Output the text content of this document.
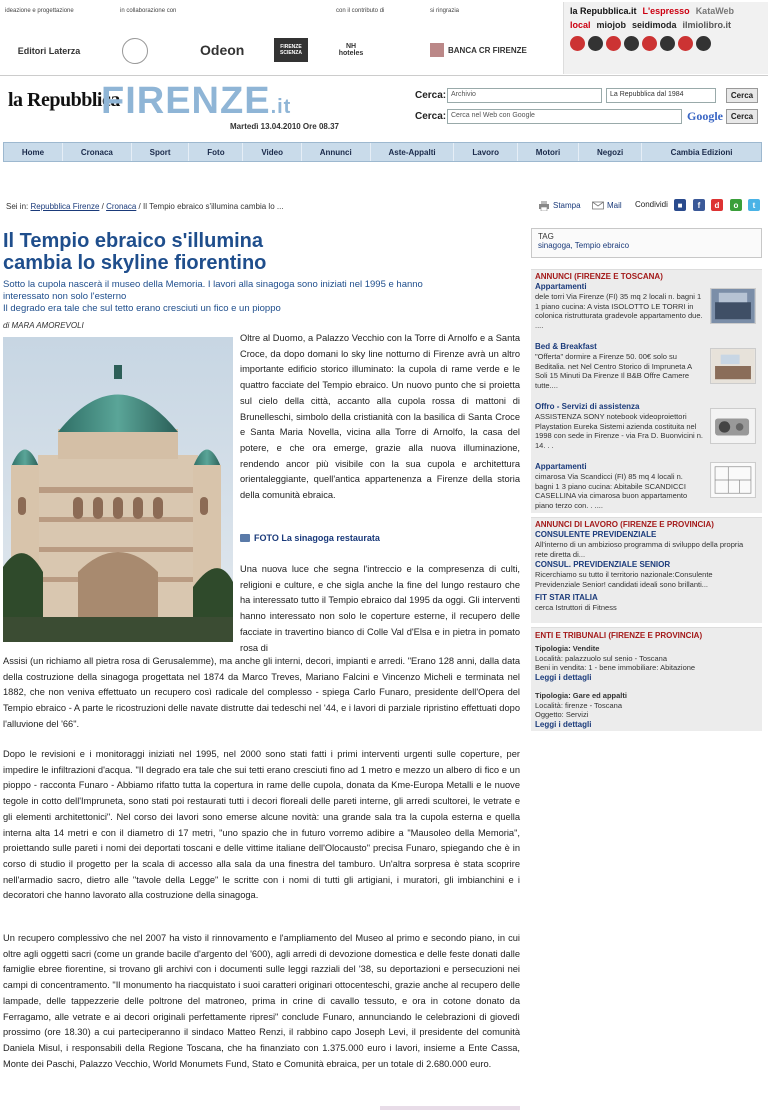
ideazione e progettazione
Editori Laterza
in collaborazione con
Odeon	FIRENZE SCIENZA
con il contributo di
NH hoteles
si ringrazia
BANCA CR FIRENZE
la Repubblica.it L'espresso KataWeb
local miojob seidimoda ilmiolibro.it
la Repubblica
FIRENZE.it
Martedì 13.04.2010 Ore 08.37
Cerca: Archivio	La Repubblica dal 1984	Cerca
Cerca: Cerca nel Web con Google	Google Cerca
Home	Cronaca	Sport	Foto	Video	Annunci	Aste-Appalti	Lavoro	Motori	Negozi	Cambia Edizioni
Sei in: Repubblica Firenze / Cronaca / Il Tempio ebraico s'illumina cambia lo ...	Stampa	Mail Condividi	■	f	d	o	t
Il Tempio ebraico s'illumina
cambia lo skyline fiorentino
Sotto la cupola nascerà il museo della Memoria. I lavori alla sinagoga sono iniziati nel 1995 e hanno
interessato non solo l'esterno
Il degrado era tale che sul tetto erano cresciuti un fico e un pioppo
di MARA AMOREVOLI
Oltre al Duomo, a Palazzo Vecchio con la Torre di Arnolfo e a Santa Croce, da dopo domani lo sky line notturno di Firenze avrà un altro importante edificio storico illuminato: la cupola di rame verde e le quattro facciate del Tempio ebraico. Un nuovo punto che si proietta sul cielo della città, accanto alla cupola rossa di mattoni di Brunelleschi, simbolo della cristianità con la basilica di Santa Croce e Santa Maria Novella, vicina alla Torre di Arnolfo, la casa del potere, e che ora emerge, grazie alla nuova illuminazione, rendendo ancor più visibile con la sua cupola e architettura orientaleggiante, quell'antica appartenenza a Firenze della storia della comunità ebraica.
FOTO La sinagoga restaurata
Una nuova luce che segna l'intreccio e la compresenza di culti, religioni e culture, e che sigla anche la fine del lungo restauro che ha interessato tutto il Tempio ebraico dal 1995 da oggi. Gli interventi hanno interessato non solo le coperture esterne, il recupero delle facciate in travertino bianco di Colle Val d'Elsa e in pietra in pomato rosa di
Assisi (un richiamo all pietra rosa di Gerusalemme), ma anche gli interni, decori, impianti e arredi. "Erano 128 anni, dalla data della costruzione della sinagoga progettata nel 1874 da Marco Treves, Mariano Falcini e Vincenzo Micheli e terminata nel 1882, che non veniva effettuato un recupero così radicale del complesso - spiega Carlo Funaro, presidente dell'Opera del Tempio ebraico - A parte le ricostruzioni delle navate distrutte dai tedeschi nel '44, e i lavori di parziale ripristino effettuati dopo l'alluvione del '66".
Dopo le revisioni e i monitoraggi iniziati nel 1995, nel 2000 sono stati fatti i primi interventi urgenti sulle coperture, per impedire le infiltrazioni d'acqua. "Il degrado era tale che sui tetti erano cresciuti fino ad 1 metro e mezzo un albero di fico e un pioppo - racconta Funaro - Abbiamo rifatto tutta la copertura in rame delle cupola, donata da Kme-Europa Metalli e le nuove tegole in cotto dell'Impruneta, sono stati poi restaurati tutti i decori floreali delle pareti interne, gli arredi scultorei, le vetrate e gli elementi architettonici". Nel corso dei lavori sono emerse alcune novità: una grande sala tra la cupola esterna e quella interna alta 14 metri e con il diametro di 17 metri, "uno spazio che in futuro vorremo adibire a "Mausoleo della Memoria", proiettando sulle pareti i nomi dei deportati toscani e delle vittime italiane dell'Olocausto" precisa Funaro, spiegando che è in corso di studio il progetto per la scala di accesso alla sala da una finestra del tamburo. Un'altra sorpresa è stata scoprire nell'armadio sacro, dietro alle "tavole della Legge" le scritte con i nomi di tutti gli artigiani, i muratori, gli imbianchini e i decoratori che hanno lavorato alla costruzione della sinagoga.
Un recupero complessivo che nel 2007 ha visto il rinnovamento e l'ampliamento del Museo al primo e secondo piano, in cui oltre agli oggetti sacri (come un grande bacile d'argento del '600), agli arredi di devozione domestica e delle feste donati dalle famiglie ebree fiorentine, si trovano gli archivi con i documenti sulle leggi razziali del '38, su deportazioni e persecuzioni nei campi di concentramento. "Il monumento ha riacquistato i suoi caratteri originari ottocenteschi, grazie anche al recupero delle lampade, delle tappezzerie delle poltrone del matroneo, prima in crine di cavallo tessuto, e ora in cotone donato da Ferragamo, alle vetrate e ai decori originali perfettamente ripresi" conclude Funaro, annunciando le celebrazioni di giovedì prossimo (ore 18.30) a cui parteciperanno il sindaco Matteo Renzi, il rabbino capo Joseph Levi, il presidente del comunità Daniela Misul, i responsabili della Regione Toscana, che ha finanziato con 1.375.000 euro i lavori, insieme a Ente Cassa, Monte dei Paschi, Palazzo Vecchio, World Monumets Fund, Stato e Comunità ebraica, per un totale di 2.680.000 euro.
TAG
sinagoga, Tempio ebraico
ANNUNCI (FIRENZE E TOSCANA)
Appartamenti
dele torri Via Firenze (FI) 35 mq 2 locali n. bagni 1 1 piano cucina: A vista ISOLOTTO LE TORRI in colonica ristrutturata gradevole appartamento due. ....
Bed & Breakfast
"Offerta" dormire a Firenze 50. 00€ solo su Beditalia. net Nel Centro Storico di Impruneta A Soli 15 Minuti Da Firenze Il B&B Offre Camere tutte....
Offro - Servizi di assistenza
ASSISTENZA SONY notebook videoproiettori Playstation Eureka Sistemi azienda costituita nel 1998 con sede in Firenze - via Fra D. Buonvicini n. 14. . .
Appartamenti
cimarosa Via Scandicci (FI) 85 mq 4 locali n. bagni 1 3 piano cucina: Abitabile SCANDICCI CASELLINA via cimarosa buon appartamento piano terzo con. . ....
ANNUNCI DI LAVORO (FIRENZE E PROVINCIA)
CONSULENTE PREVIDENZIALE
All'interno di un ambizioso programma di sviluppo della propria rete diretta di...
CONSUL. PREVIDENZIALE SENIOR
Ricerchiamo su tutto il territorio nazionale:Consulente Previdenziale Senior! candidati ideali sono brillanti...
FIT STAR ITALIA
cerca Istruttori di Fitness
ENTI E TRIBUNALI (FIRENZE E PROVINCIA)
Tipologia: Vendite
Località: palazzuolo sul senio - Toscana
Beni in vendita: 1 - bene immobiliare: Abitazione
Leggi i dettagli
Tipologia: Gare ed appalti
Località: firenze - Toscana
Oggetto: Servizi
Leggi i dettagli
